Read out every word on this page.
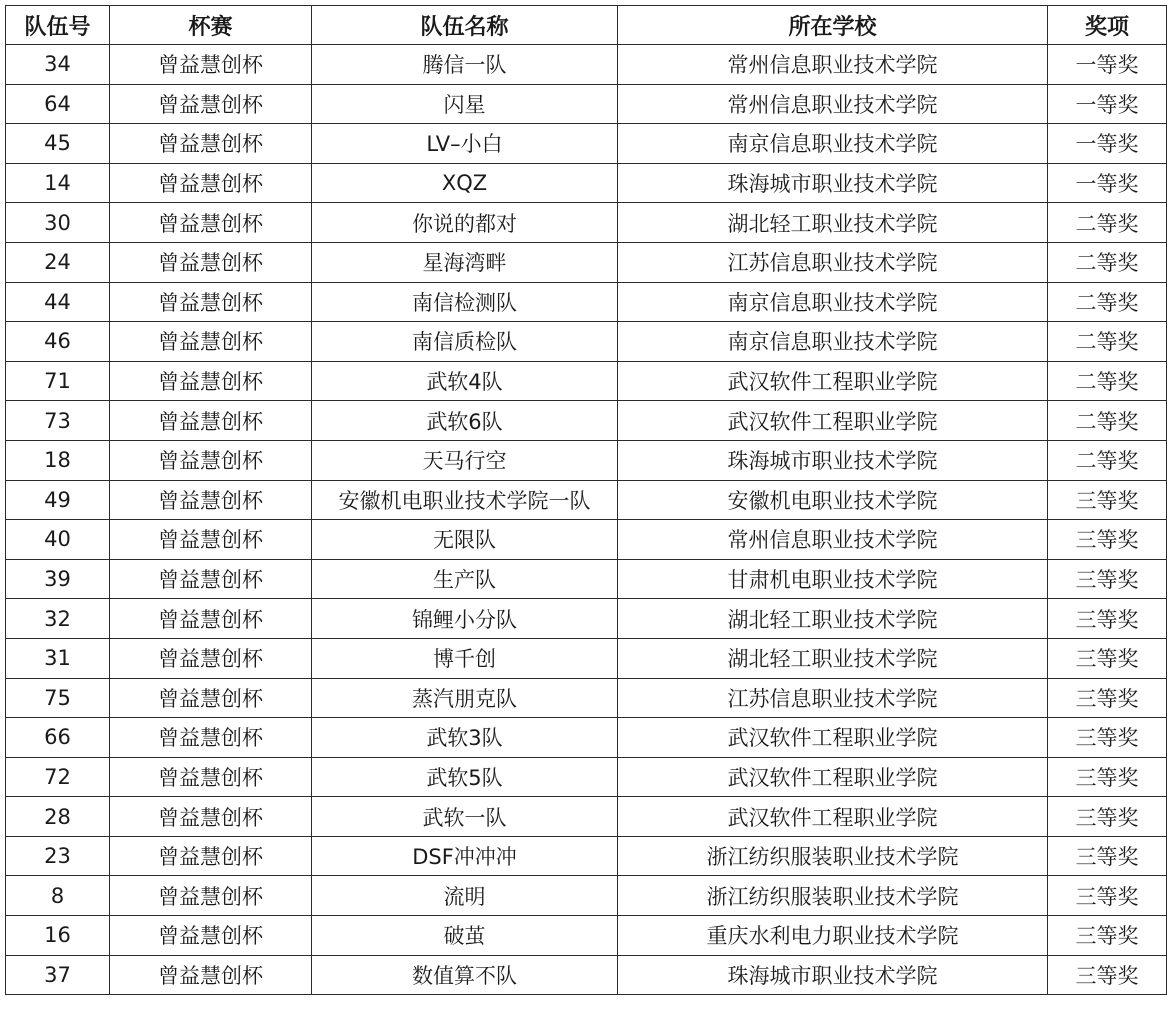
队伍号	杯赛	队伍名称	所在学校	奖项
34	曾益慧创杯	腾信一队	常州信息职业技术学院	一等奖
64	曾益慧创杯	闪星	常州信息职业技术学院	一等奖
45	曾益慧创杯	LV–小白	南京信息职业技术学院	一等奖
14	曾益慧创杯	XQZ	珠海城市职业技术学院	一等奖
30	曾益慧创杯	你说的都对	湖北轻工职业技术学院	二等奖
24	曾益慧创杯	星海湾畔	江苏信息职业技术学院	二等奖
44	曾益慧创杯	南信检测队	南京信息职业技术学院	二等奖
46	曾益慧创杯	南信质检队	南京信息职业技术学院	二等奖
71	曾益慧创杯	武软4队	武汉软件工程职业学院	二等奖
73	曾益慧创杯	武软6队	武汉软件工程职业学院	二等奖
18	曾益慧创杯	天马行空	珠海城市职业技术学院	二等奖
49	曾益慧创杯	安徽机电职业技术学院一队	安徽机电职业技术学院	三等奖
40	曾益慧创杯	无限队	常州信息职业技术学院	三等奖
39	曾益慧创杯	生产队	甘肃机电职业技术学院	三等奖
32	曾益慧创杯	锦鲤小分队	湖北轻工职业技术学院	三等奖
31	曾益慧创杯	博千创	湖北轻工职业技术学院	三等奖
75	曾益慧创杯	蒸汽朋克队	江苏信息职业技术学院	三等奖
66	曾益慧创杯	武软3队	武汉软件工程职业学院	三等奖
72	曾益慧创杯	武软5队	武汉软件工程职业学院	三等奖
28	曾益慧创杯	武软一队	武汉软件工程职业学院	三等奖
23	曾益慧创杯	DSF冲冲冲	浙江纺织服装职业技术学院	三等奖
8	曾益慧创杯	流明	浙江纺织服装职业技术学院	三等奖
16	曾益慧创杯	破茧	重庆水利电力职业技术学院	三等奖
37	曾益慧创杯	数值算不队	珠海城市职业技术学院	三等奖
